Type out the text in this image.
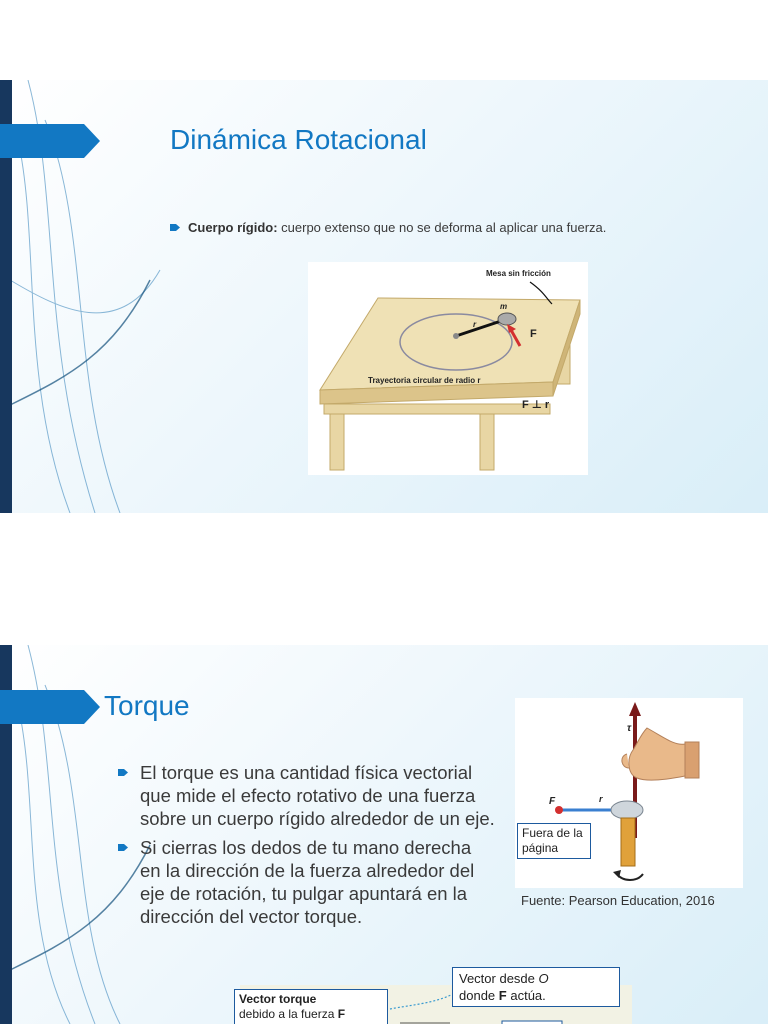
Dinámica Rotacional
Cuerpo rígido: cuerpo extenso que no se deforma al aplicar una fuerza.
Mesa sin fricción
m
r
F
Trayectoria circular de radio r
F ⊥ r
Torque
El torque es una cantidad física vectorial que mide el efecto rotativo de una fuerza sobre un cuerpo rígido alrededor de un eje.
Si cierras los dedos de tu mano derecha en la dirección de la fuerza alrededor del eje de rotación, tu pulgar apuntará en la dirección del vector torque.
τ
F	r
Fuera de la página
Fuente: Pearson Education, 2016
Vector torque
debido a la fuerza F
Vector desde O
donde F actúa.
